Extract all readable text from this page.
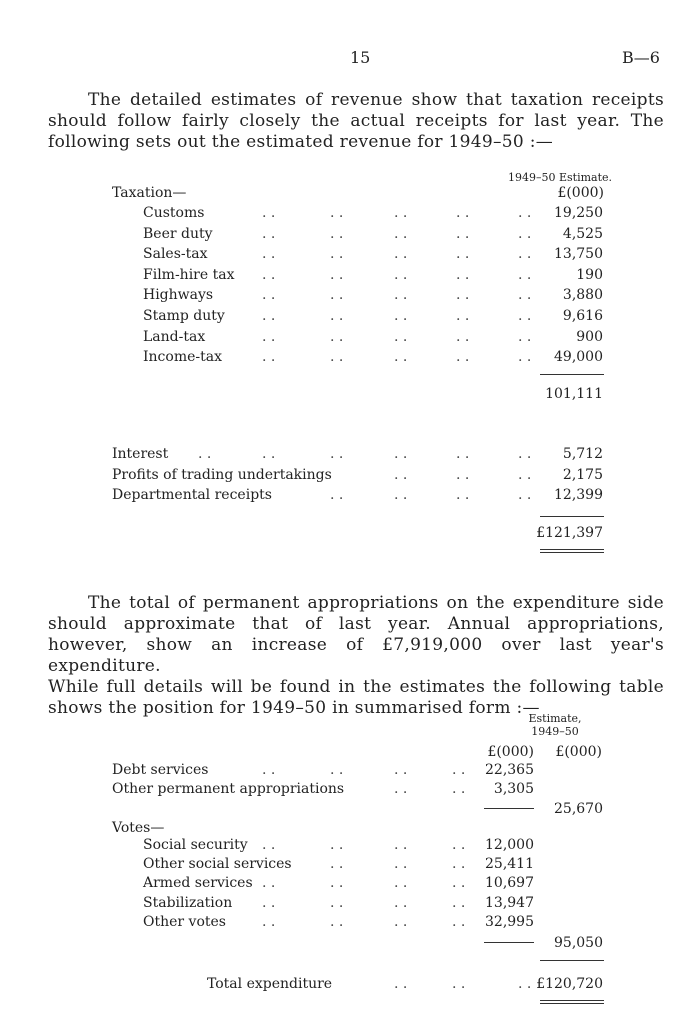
15	B—6
The detailed estimates of revenue show that taxation receipts
should follow fairly closely the actual receipts for last year. The
following sets out the estimated revenue for 1949–50 :—
1949–50 Estimate.
Taxation—	£(000)
Customs	. .	. .	. .	. .	. . 19,250
Beer duty	. .	. .	. .	. .	. . 4,525
Sales-tax	. .	. .	. .	. .	. . 13,750
Film-hire tax . .	. .	. .	. .	. .	190
Highways	. .	. .	. .	. .	. . 3,880
Stamp duty	. .	. .	. .	. .	. . 9,616
Land-tax	. .	. .	. .	. .	. .	900
Income-tax	. .	. .	. .	. .	. . 49,000
101,111
Interest . .	. .	. .	. .	. .	. . 5,712
Profits of trading undertakings	. .	. .	. . 2,175
Departmental receipts	. .	. .	. .	. . 12,399
£121,397
The total of permanent appropriations on the expenditure side
should approximate that of last year. Annual appropriations,
however, show an increase of £7,919,000 over last year's expenditure.
While full details will be found in the estimates the following table
shows the position for 1949–50 in summarised form :—
Estimate,
1949–50
£(000)	£(000)
Debt services	. .	. .	. .	. . 22,365
Other permanent appropriations	. .	. . 3,305
25,670
Votes—
Social security . .	. .	. .	. . 12,000
Other social services	. .	. .	. . 25,411
Armed services . .	. .	. .	. . 10,697
Stabilization . .	. .	. .	. . 13,947
Other votes	. .	. .	. .	. . 32,995
95,050
Total expenditure	. .	. .	. . £120,720
